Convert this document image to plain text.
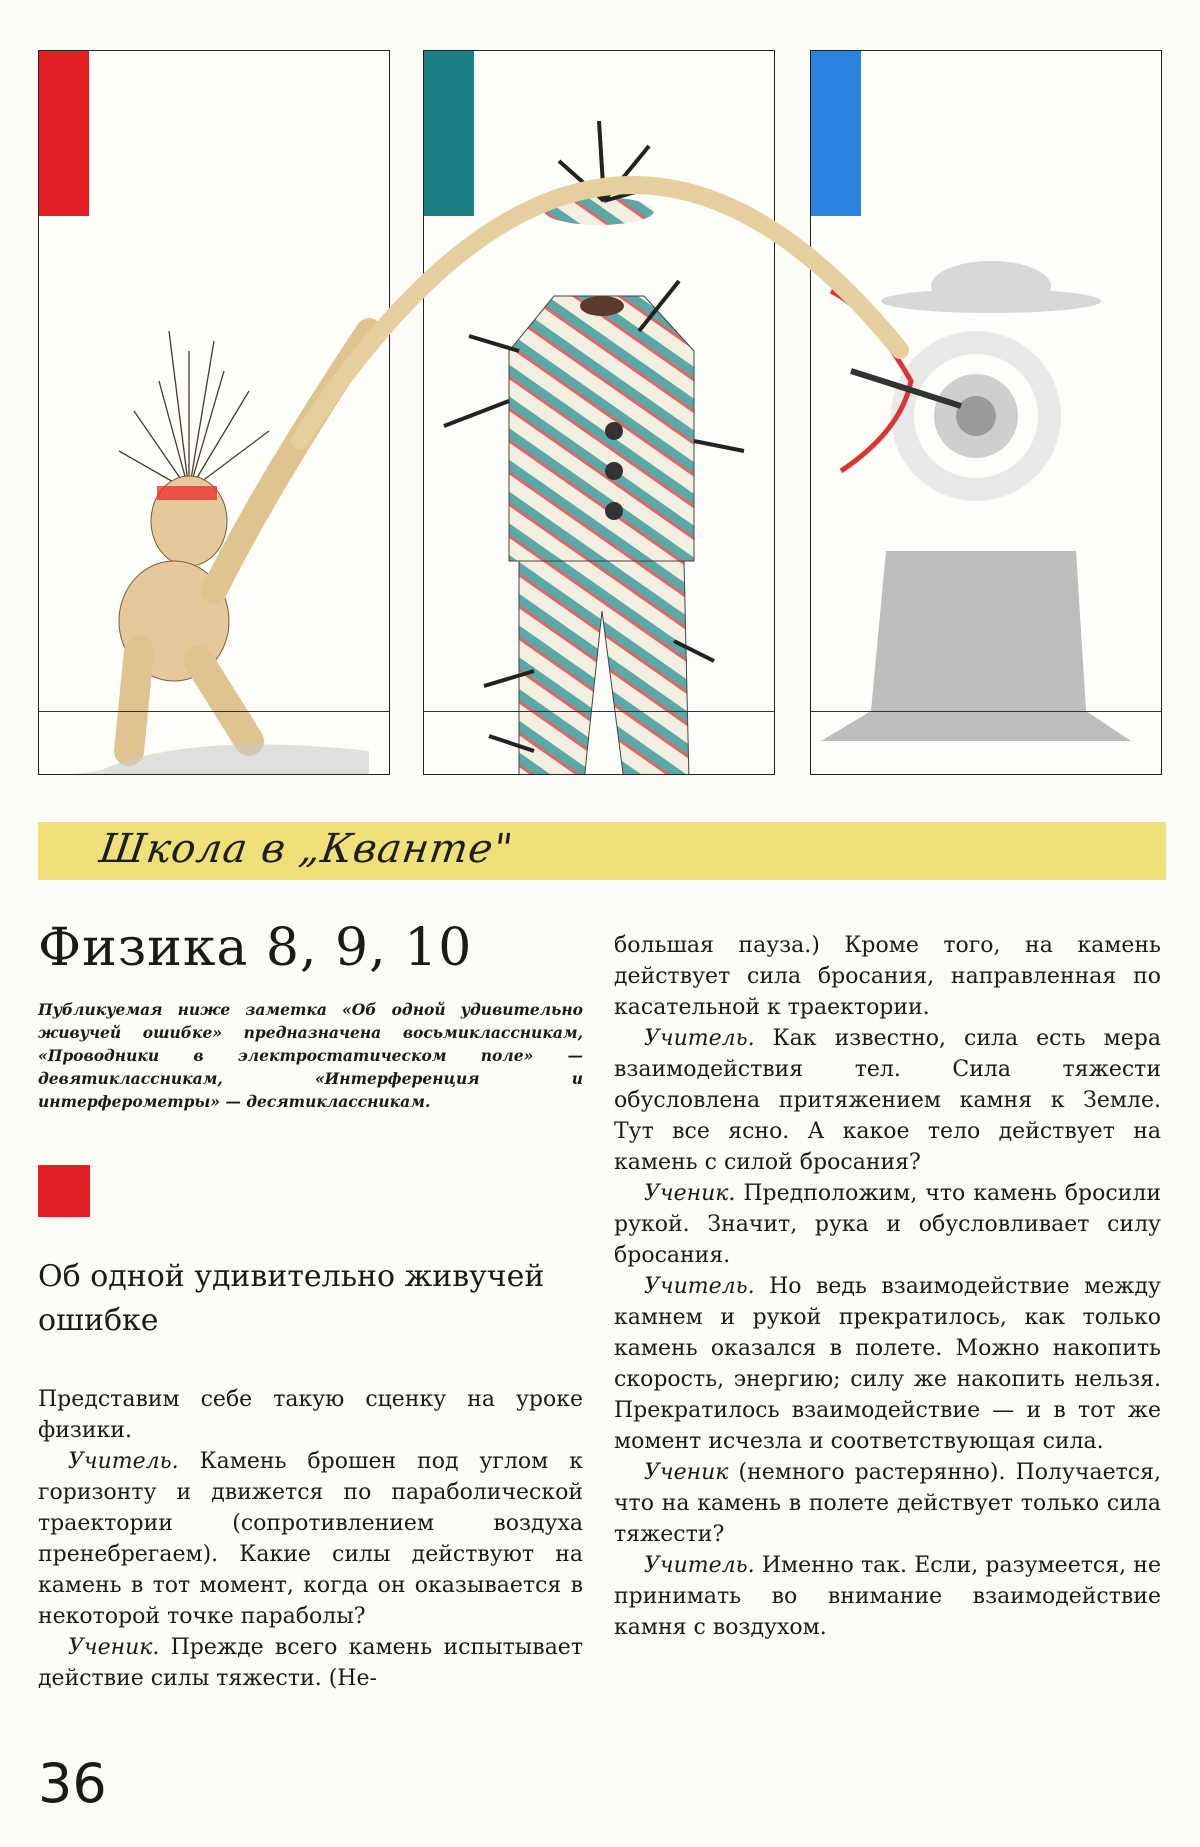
Школа в „Кванте"
Физика 8, 9, 10
Публикуемая ниже заметка «Об одной удивительно живучей ошибке» предназначена восьмиклассникам, «Проводники в электростатическом поле» — девятиклассникам, «Интерференция и интерферометры» — десятиклассникам.
Об одной удивительно живучей ошибке

Представим себе такую сценку на уроке физики.

Учитель. Камень брошен под углом к горизонту и движется по параболической траектории (сопротивлением воздуха пренебрегаем). Какие силы действуют на камень в тот момент, когда он оказывается в некоторой точке параболы?

Ученик. Прежде всего камень испытывает действие силы тяжести. (Не-

большая пауза.) Кроме того, на камень действует сила бросания, направленная по касательной к траектории.

Учитель. Как известно, сила есть мера взаимодействия тел. Сила тяжести обусловлена притяжением камня к Земле. Тут все ясно. А какое тело действует на камень с силой бросания?

Ученик. Предположим, что камень бросили рукой. Значит, рука и обусловливает силу бросания.

Учитель. Но ведь взаимодействие между камнем и рукой прекратилось, как только камень оказался в полете. Можно накопить скорость, энергию; силу же накопить нельзя. Прекратилось взаимодействие — и в тот же момент исчезла и соответствующая сила.

Ученик (немного растерянно). Получается, что на камень в полете действует только сила тяжести?

Учитель. Именно так. Если, разумеется, не принимать во внимание взаимодействие камня с воздухом.

36
